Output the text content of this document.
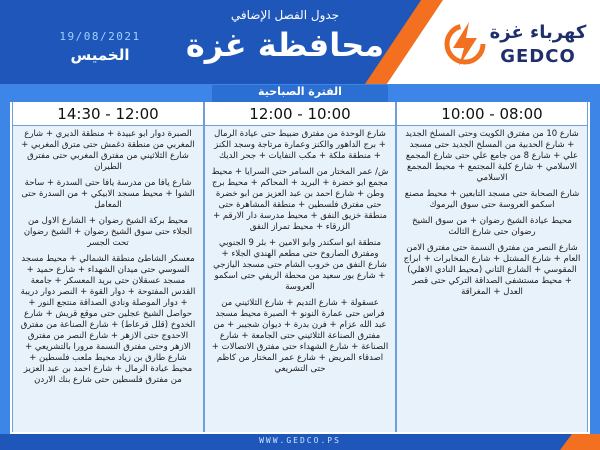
19/08/2021
الخميس
جدول الفصل الإضافي
محافظة غزة	كهرباء غزة
GEDCO
الفترة الصباحية
14:30 - 12:00
الصبرة دوار ابو عبيدة + منطقة الديري + شارع المغربي من منطقة دغمش حتى مترق المغربي + شارع الثلاثيني من مفترق المغربي حتى مفترق الطيران
شارع يافا من مدرسة يافا حتى السدرة + ساحة الشوا + محيط مسجد الابيكي + من السدرة حتى المعامل
محيط بركة الشيخ رضوان + الشارع الاول من الجلاء حتى سوق الشيخ رضوان + الشيخ رضوان تحت الجسر
معسكر الشاطئ منطقة الشمالي + محيط مسجد السوسي حتى ميدان الشهداء + شارع حميد + مسجد عسقلان حتى بريد المعسكر + جامعة القدس المفتوحة + دوار القوة + النصر دوار دريبة + دوار الموصلة ونادي الصداقة منتجع النور + حواصل الشيخ عجلين حتى موقع قريش + شارع الخدوخ (قلل قرعاط) + شارع الصناعة من مفترق الاحدوج حتى الازهر + شارع النصر من مفترق الازهر وحتى مفترق النسمة مرورا بالتشريعي + شارع طارق بن زياد محيط ملعب فلسطين + محيط عيادة الرمال + شارع احمد بن عبد العزيز من مفترق فلسطين حتى شارع بنك الاردن
12:00 - 10:00
شارع الوحدة من مفترق ضبيط حتى عيادة الرمال + برج الداهور والكنز وعمارة مرتاجة وسجد الكنز + منطقة ملكة + مكب النفايات + جحر الديك
ش/ عمر المختار من السامر حتى السرايا + محيط مجمع ابو خضرة + البريد + المحاكم + محيط برج وطن + شارع احمد بن عبد العزيز من ابو خضرة حتى مفترق فلسطين + منطقة المشاهرة حتى منطقة خزيق النفق + محيط مدرسة دار الارقم + الزرقاء + محيط تمراز النفق
منطقة ابو اسكندر وابو الامين + بئر 9 الجنوبي ومفترق الصاروخ حتى مطعم الهندي الجلاء + شارع النفق من خروب الشام حتى مسجد اليازجي + شارع بور سعيد من محطة الريفي حتى اسكمو العروسة
عسقولة + شارع التديم + شارع الثلاثيني من فراس حتى عمارة النونو + الصبرة محيط مسجد عبد الله عزام + فرن بدرة + ديوان شجيبر + من مفترق الصناعة الثلاثيني حتى الجامعة + شارع الصناعة + شارع الشهداء حتى مفترق الاتصالات + اصدقاء المريض + شارع عمر المختار من كاظم حتى التشريعي
10:00 - 08:00
شارع 10 من مفترق الكويت وحتى المسلخ الجديد + شارع الحدبية من المسلخ الجديد حتى مسجد علي + شارع 8 من جامع علي حتى شارع المجمع الاسلامي + شارع كلية المجتمع + محيط المجمع الاسلامي
شارع الصحابة حتى مسجد التابعين + محيط مصنع اسكمو العروسة حتى سوق اليرموك
محيط عيادة الشيخ رضوان + من سوق الشيخ رضوان حتى شارع الثالث
شارع النصر من مفترق النسمة حتى مفترق الامن العام + شارع المشتل + شارع المخابرات + ابراج المقوسي + الشارع الثاني (محيط النادي الاهلي) + محيط مستشفى الصداقة التركي حتى قصر العدل + المغراقة
WWW.GEDCO.PS
